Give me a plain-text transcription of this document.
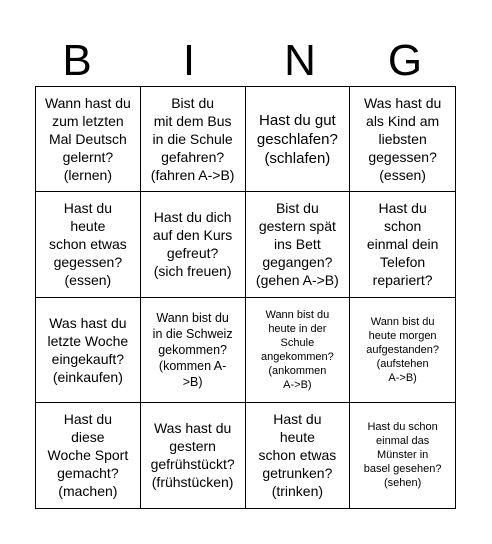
B	I	N	G
Wann hast du
zum letzten
Mal Deutsch
gelernt?
(lernen)
Bist du
mit dem Bus
in die Schule
gefahren?
(fahren A->B)
Hast du gut
geschlafen?
(schlafen)
Was hast du
als Kind am
liebsten
gegessen?
(essen)
Hast du
heute
schon etwas
gegessen?
(essen)
Hast du dich
auf den Kurs
gefreut?
(sich freuen)
Bist du
gestern spät
ins Bett
gegangen?
(gehen A->B)
Hast du
schon
einmal dein
Telefon
repariert?
Was hast du
letzte Woche
eingekauft?
(einkaufen)
Wann bist du
in die Schweiz
gekommen?
(kommen A-
>B)
Wann bist du
heute in der
Schule
angekommen?
(ankommen
A->B)
Wann bist du
heute morgen
aufgestanden?
(aufstehen
A->B)
Hast du
diese
Woche Sport
gemacht?
(machen)
Was hast du
gestern
gefrühstückt?
(frühstücken)
Hast du
heute
schon etwas
getrunken?
(trinken)
Hast du schon
einmal das
Münster in
basel gesehen?
(sehen)
